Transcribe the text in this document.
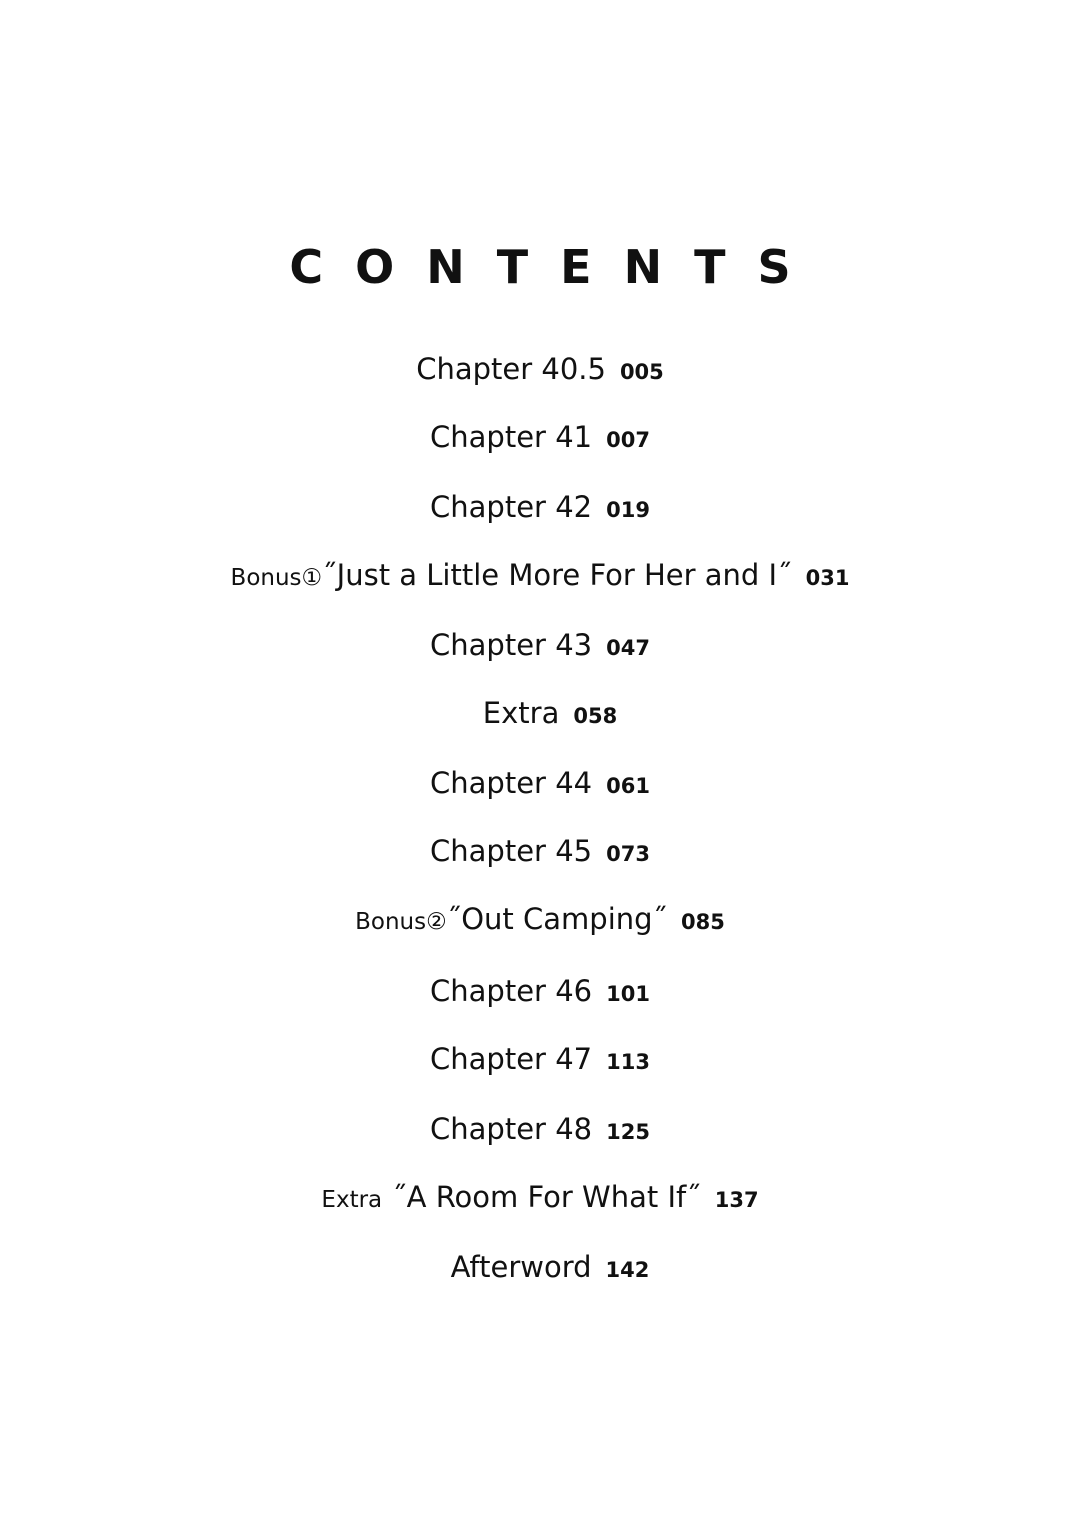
CONTENTS
Chapter 40.5 005
Chapter 41 007
Chapter 42 019
Bonus①˝Just a Little More For Her and I˝ 031
Chapter 43 047
Extra 058
Chapter 44 061
Chapter 45 073
Bonus②˝Out Camping˝ 085
Chapter 46 101
Chapter 47 113
Chapter 48 125
Extra ˝A Room For What If˝ 137
Afterword 142
